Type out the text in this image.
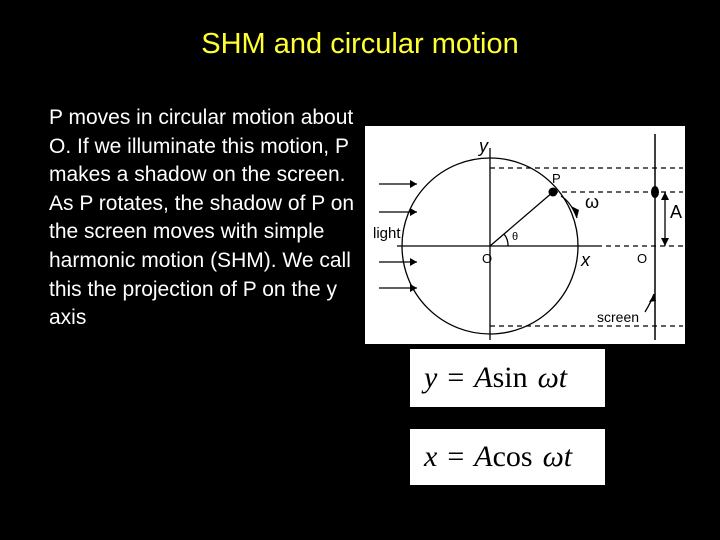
SHM and circular motion
P moves in circular motion about O. If we illuminate this motion, P makes a shadow on the screen. As P rotates, the shadow of P on the screen moves with simple harmonic motion (SHM). We call this the projection of P on the y axis
y
x
P
ω
θ
O	O
A
light
screen
y = A sin ω t
x = A cos ω t
